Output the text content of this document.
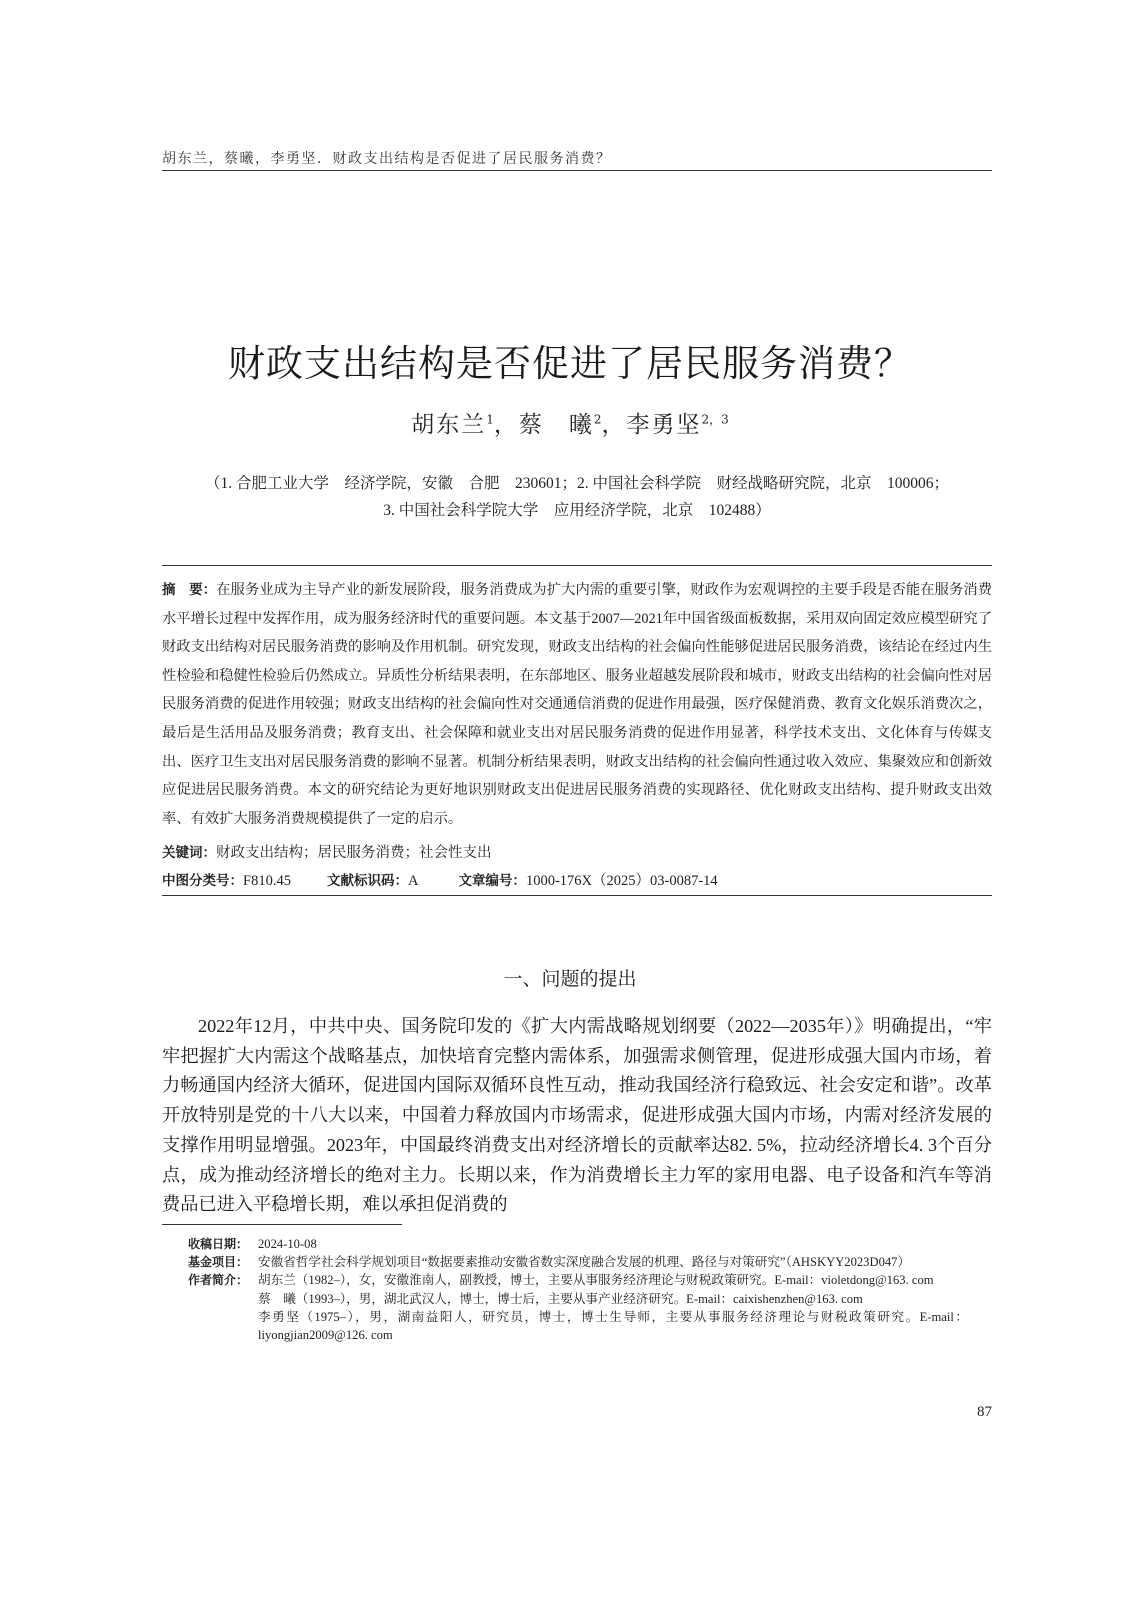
胡东兰，蔡曦，李勇坚．财政支出结构是否促进了居民服务消费？
财政支出结构是否促进了居民服务消费？
胡东兰$^1$，蔡　曦$^2$，李勇坚$^{2,3}$
（1. 合肥工业大学　经济学院，安徽　合肥　230601；2. 中国社会科学院　财经战略研究院，北京　100006；
3. 中国社会科学院大学　应用经济学院，北京　102488）
摘　要：在服务业成为主导产业的新发展阶段，服务消费成为扩大内需的重要引擎，财政作为宏观调控的主要手段是否能在服务消费水平增长过程中发挥作用，成为服务经济时代的重要问题。本文基于2007—2021年中国省级面板数据，采用双向固定效应模型研究了财政支出结构对居民服务消费的影响及作用机制。研究发现，财政支出结构的社会偏向性能够促进居民服务消费，该结论在经过内生性检验和稳健性检验后仍然成立。异质性分析结果表明，在东部地区、服务业超越发展阶段和城市，财政支出结构的社会偏向性对居民服务消费的促进作用较强；财政支出结构的社会偏向性对交通通信消费的促进作用最强，医疗保健消费、教育文化娱乐消费次之，最后是生活用品及服务消费；教育支出、社会保障和就业支出对居民服务消费的促进作用显著，科学技术支出、文化体育与传媒支出、医疗卫生支出对居民服务消费的影响不显著。机制分析结果表明，财政支出结构的社会偏向性通过收入效应、集聚效应和创新效应促进居民服务消费。本文的研究结论为更好地识别财政支出促进居民服务消费的实现路径、优化财政支出结构、提升财政支出效率、有效扩大服务消费规模提供了一定的启示。
关键词：财政支出结构；居民服务消费；社会性支出
中图分类号：F810.45	文献标识码：A	文章编号：1000-176X（2025）03-0087-14
一、问题的提出
2022年12月，中共中央、国务院印发的《扩大内需战略规划纲要（2022—2035年）》明确提出，“牢牢把握扩大内需这个战略基点，加快培育完整内需体系，加强需求侧管理，促进形成强大国内市场，着力畅通国内经济大循环，促进国内国际双循环良性互动，推动我国经济行稳致远、社会安定和谐”。改革开放特别是党的十八大以来，中国着力释放国内市场需求，促进形成强大国内市场，内需对经济发展的支撑作用明显增强。2023年，中国最终消费支出对经济增长的贡献率达82. 5%，拉动经济增长4. 3个百分点，成为推动经济增长的绝对主力。长期以来，作为消费增长主力军的家用电器、电子设备和汽车等消费品已进入平稳增长期，难以承担促消费的
收稿日期： 2024-10-08
基金项目： 安徽省哲学社会科学规划项目“数据要素推动安徽省数实深度融合发展的机理、路径与对策研究”（AHSKYY2023D047）
作者简介： 胡东兰（1982–），女，安徽淮南人，副教授，博士，主要从事服务经济理论与财税政策研究。E-mail：violetdong@163. com

蔡　曦（1993–），男，湖北武汉人，博士，博士后，主要从事产业经济研究。E-mail：caixishenzhen@163. com

李勇坚（1975–），男，湖南益阳人，研究员，博士，博士生导师，主要从事服务经济理论与财税政策研究。E-mail：liyongjian2009@126. com

87
